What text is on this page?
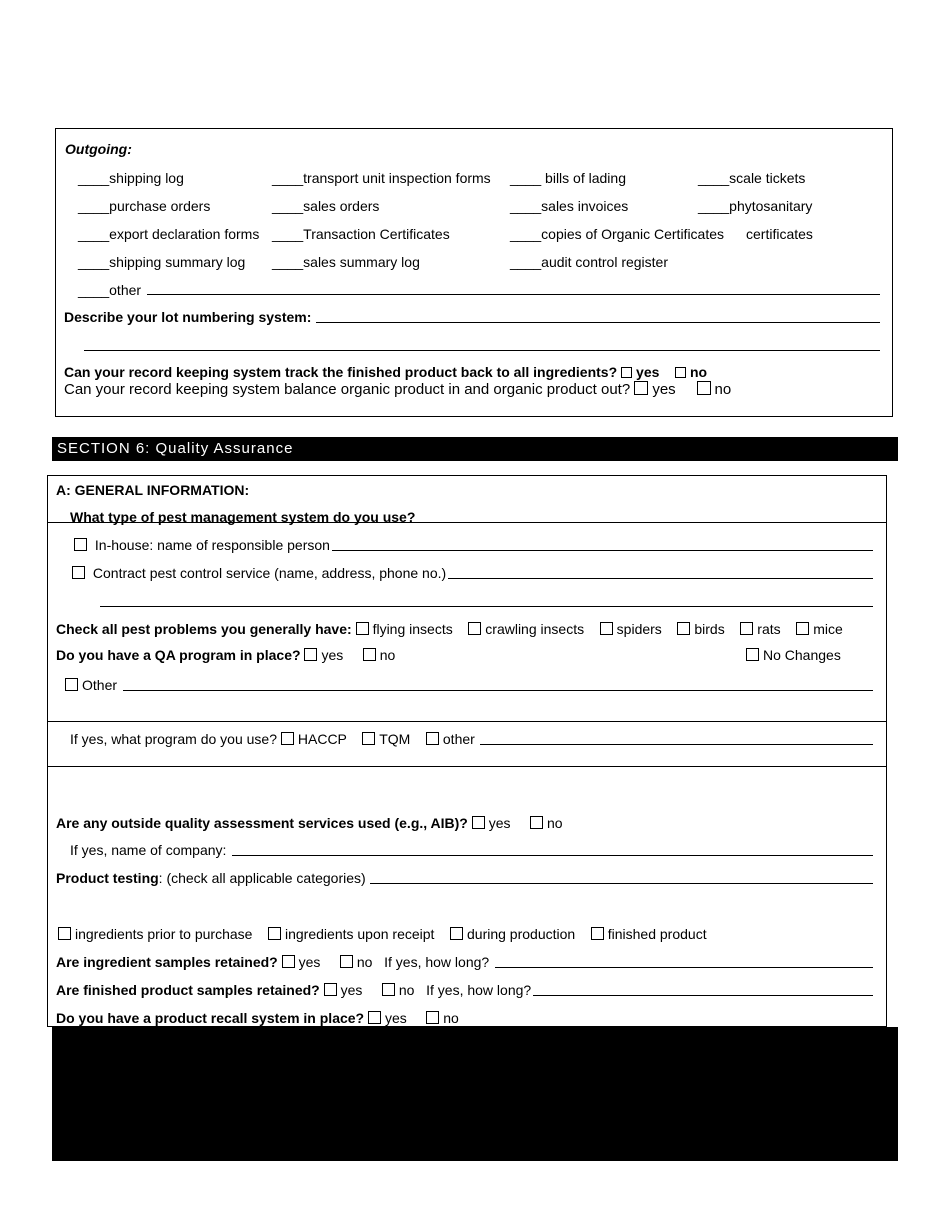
Outgoing:
____shipping log	____transport unit inspection forms ____ bills of lading	____scale tickets
____purchase orders	____sales orders	____sales invoices	____phytosanitary
____export declaration forms ____Transaction Certificates	____copies of Organic Certificates certificates
____shipping summary log ____sales summary log	____audit control register
____other
Describe your lot numbering system:
Can your record keeping system track the finished product back to all ingredients? yes no
Can your record keeping system balance organic product in and organic product out? yes	no
SECTION 6: Quality Assurance
A: GENERAL INFORMATION:
What type of pest management system do you use?
In-house: name of responsible person
Contract pest control service (name, address, phone no.)
Check all pest problems you generally have: flying insects crawling insects spiders birds rats mice
Do you have a QA program in place? yes	no	No Changes
Other
If yes, what program do you use? HACCP TQM other
Are any outside quality assessment services used (e.g., AIB)? yes	no
If yes, name of company:
Product testing: (check all applicable categories)
ingredients prior to purchase ingredients upon receipt during production finished product
Are ingredient samples retained? yes	no If yes, how long?
Are finished product samples retained? yes	no If yes, how long?
Do you have a product recall system in place? yes	no
